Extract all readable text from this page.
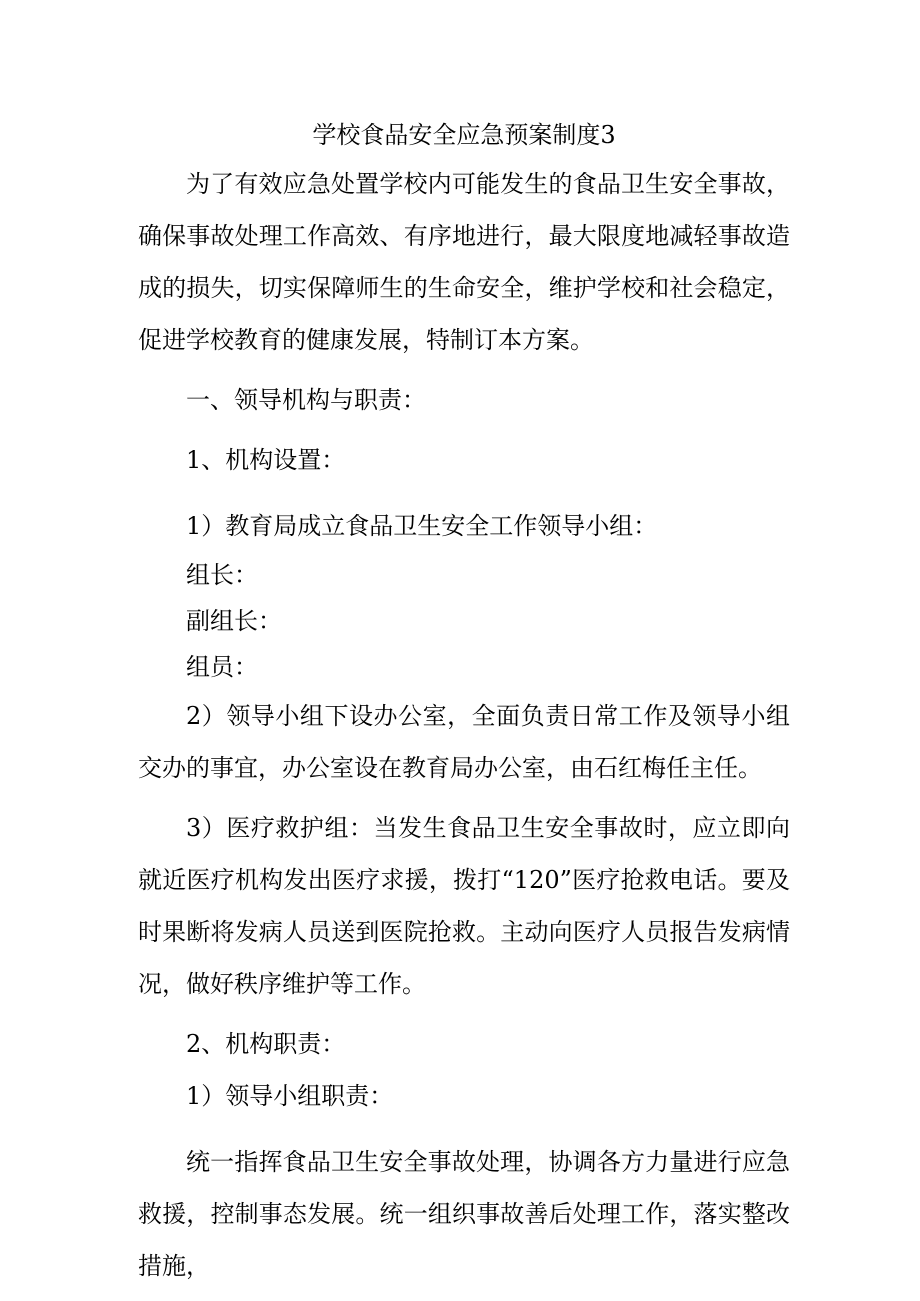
学校食品安全应急预案制度3

为了有效应急处置学校内可能发生的食品卫生安全事故，确保事故处理工作高效、有序地进行，最大限度地减轻事故造成的损失，切实保障师生的生命安全，维护学校和社会稳定，促进学校教育的健康发展，特制订本方案。

一、领导机构与职责：

1、机构设置：

1）教育局成立食品卫生安全工作领导小组：

组长：

副组长：

组员：

2）领导小组下设办公室，全面负责日常工作及领导小组交办的事宜，办公室设在教育局办公室，由石红梅任主任。

3）医疗救护组：当发生食品卫生安全事故时，应立即向就近医疗机构发出医疗求援，拨打“120”医疗抢救电话。要及时果断将发病人员送到医院抢救。主动向医疗人员报告发病情况，做好秩序维护等工作。

2、机构职责：

1）领导小组职责：

统一指挥食品卫生安全事故处理，协调各方力量进行应急救援，控制事态发展。统一组织事故善后处理工作，落实整改措施，
